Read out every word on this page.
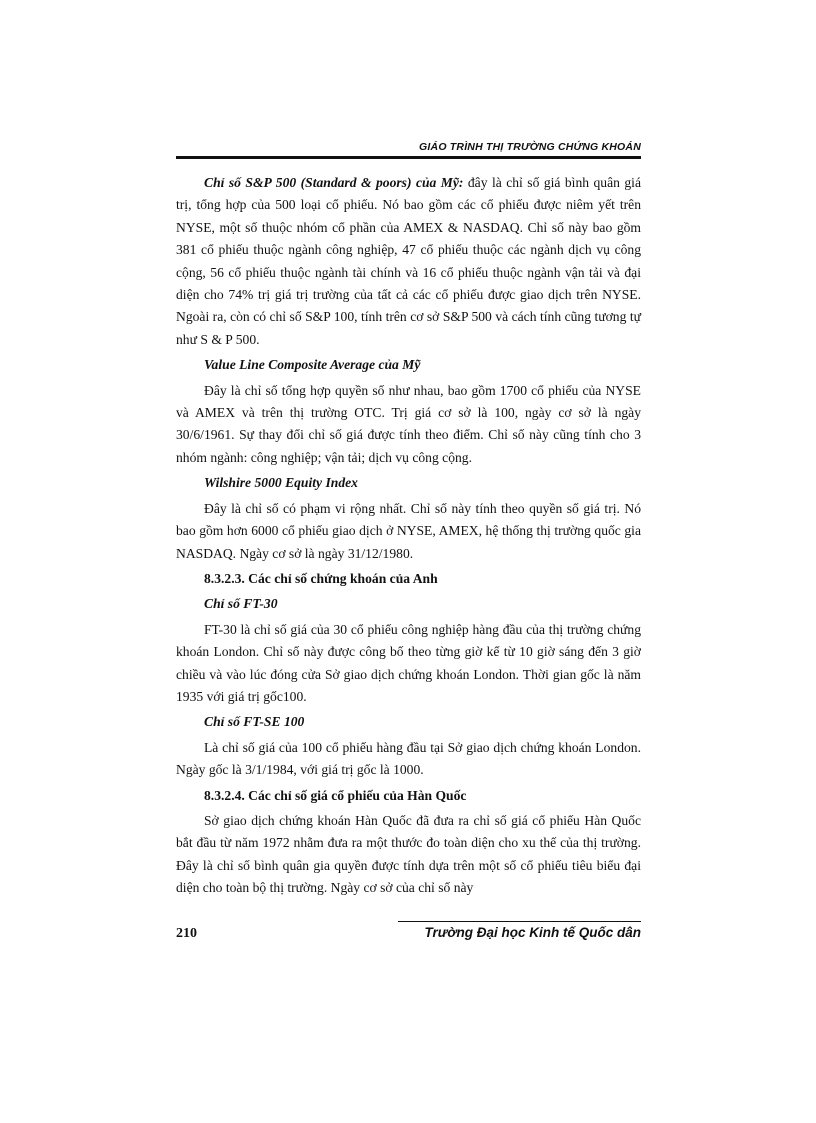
GIÁO TRÌNH THỊ TRƯỜNG CHỨNG KHOÁN

Chỉ số S&P 500 (Standard & poors) của Mỹ: đây là chỉ số giá bình quân giá trị, tổng hợp của 500 loại cổ phiếu. Nó bao gồm các cổ phiếu được niêm yết trên NYSE, một số thuộc nhóm cổ phần của AMEX & NASDAQ. Chỉ số này bao gồm 381 cổ phiếu thuộc ngành công nghiệp, 47 cổ phiếu thuộc các ngành dịch vụ công cộng, 56 cổ phiếu thuộc ngành tài chính và 16 cổ phiếu thuộc ngành vận tải và đại diện cho 74% trị giá trị trường của tất cả các cổ phiếu được giao dịch trên NYSE. Ngoài ra, còn có chỉ số S&P 100, tính trên cơ sở S&P 500 và cách tính cũng tương tự như S & P 500.

Value Line Composite Average của Mỹ

Đây là chỉ số tổng hợp quyền số như nhau, bao gồm 1700 cổ phiếu của NYSE và AMEX và trên thị trường OTC. Trị giá cơ sở là 100, ngày cơ sở là ngày 30/6/1961. Sự thay đổi chỉ số giá được tính theo điểm. Chỉ số này cũng tính cho 3 nhóm ngành: công nghiệp; vận tải; dịch vụ công cộng.

Wilshire 5000 Equity Index

Đây là chỉ số có phạm vi rộng nhất. Chỉ số này tính theo quyền số giá trị. Nó bao gồm hơn 6000 cổ phiếu giao dịch ở NYSE, AMEX, hệ thống thị trường quốc gia NASDAQ. Ngày cơ sở là ngày 31/12/1980.

8.3.2.3. Các chỉ số chứng khoán của Anh

Chỉ số FT-30

FT-30 là chỉ số giá của 30 cổ phiếu công nghiệp hàng đầu của thị trường chứng khoán London. Chỉ số này được công bố theo từng giờ kể từ 10 giờ sáng đến 3 giờ chiều và vào lúc đóng cửa Sở giao dịch chứng khoán London. Thời gian gốc là năm 1935 với giá trị gốc100.

Chỉ số FT-SE 100

Là chỉ số giá của 100 cổ phiếu hàng đầu tại Sở giao dịch chứng khoán London. Ngày gốc là 3/1/1984, với giá trị gốc là 1000.

8.3.2.4. Các chỉ số giá cổ phiếu của Hàn Quốc

Sở giao dịch chứng khoán Hàn Quốc đã đưa ra chỉ số giá cổ phiếu Hàn Quốc bắt đầu từ năm 1972 nhằm đưa ra một thước đo toàn diện cho xu thế của thị trường. Đây là chỉ số bình quân gia quyền được tính dựa trên một số cổ phiếu tiêu biểu đại diện cho toàn bộ thị trường. Ngày cơ sở của chỉ số này

210	Trường Đại học Kinh tế Quốc dân
